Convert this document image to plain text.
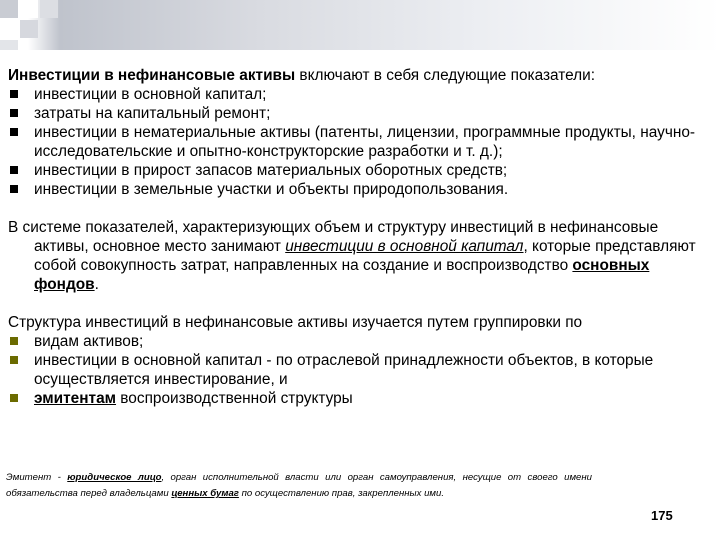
Инвестиции в нефинансовые активы включают в себя следующие показатели:

инвестиции в основной капитал;
затраты на капитальный ремонт;
инвестиции в нематериальные активы (патенты, лицензии, программные продукты, научно-исследовательские и опытно-конструкторские разработки и т. д.);
инвестиции в прирост запасов материальных оборотных средств;
инвестиции в земельные участки и объекты природопользования.

В системе показателей, характеризующих объем и структуру инвестиций в нефинансовые активы, основное место занимают инвестиции в основной капитал, которые представляют собой совокупность затрат, направленных на создание и воспроизводство основных фондов.

Структура инвестиций в нефинансовые активы изучается путем группировки по

видам активов;
инвестиции в основной капитал - по отраслевой принадлежности объектов, в которые осуществляется инвестирование, и
эмитентам воспроизводственной структуры
Эмитент - юридическое лицо, орган исполнительной власти или орган самоуправления, несущие от своего имени обязательства перед владельцами ценных бумаг по осуществлению прав, закрепленных ими.
175
